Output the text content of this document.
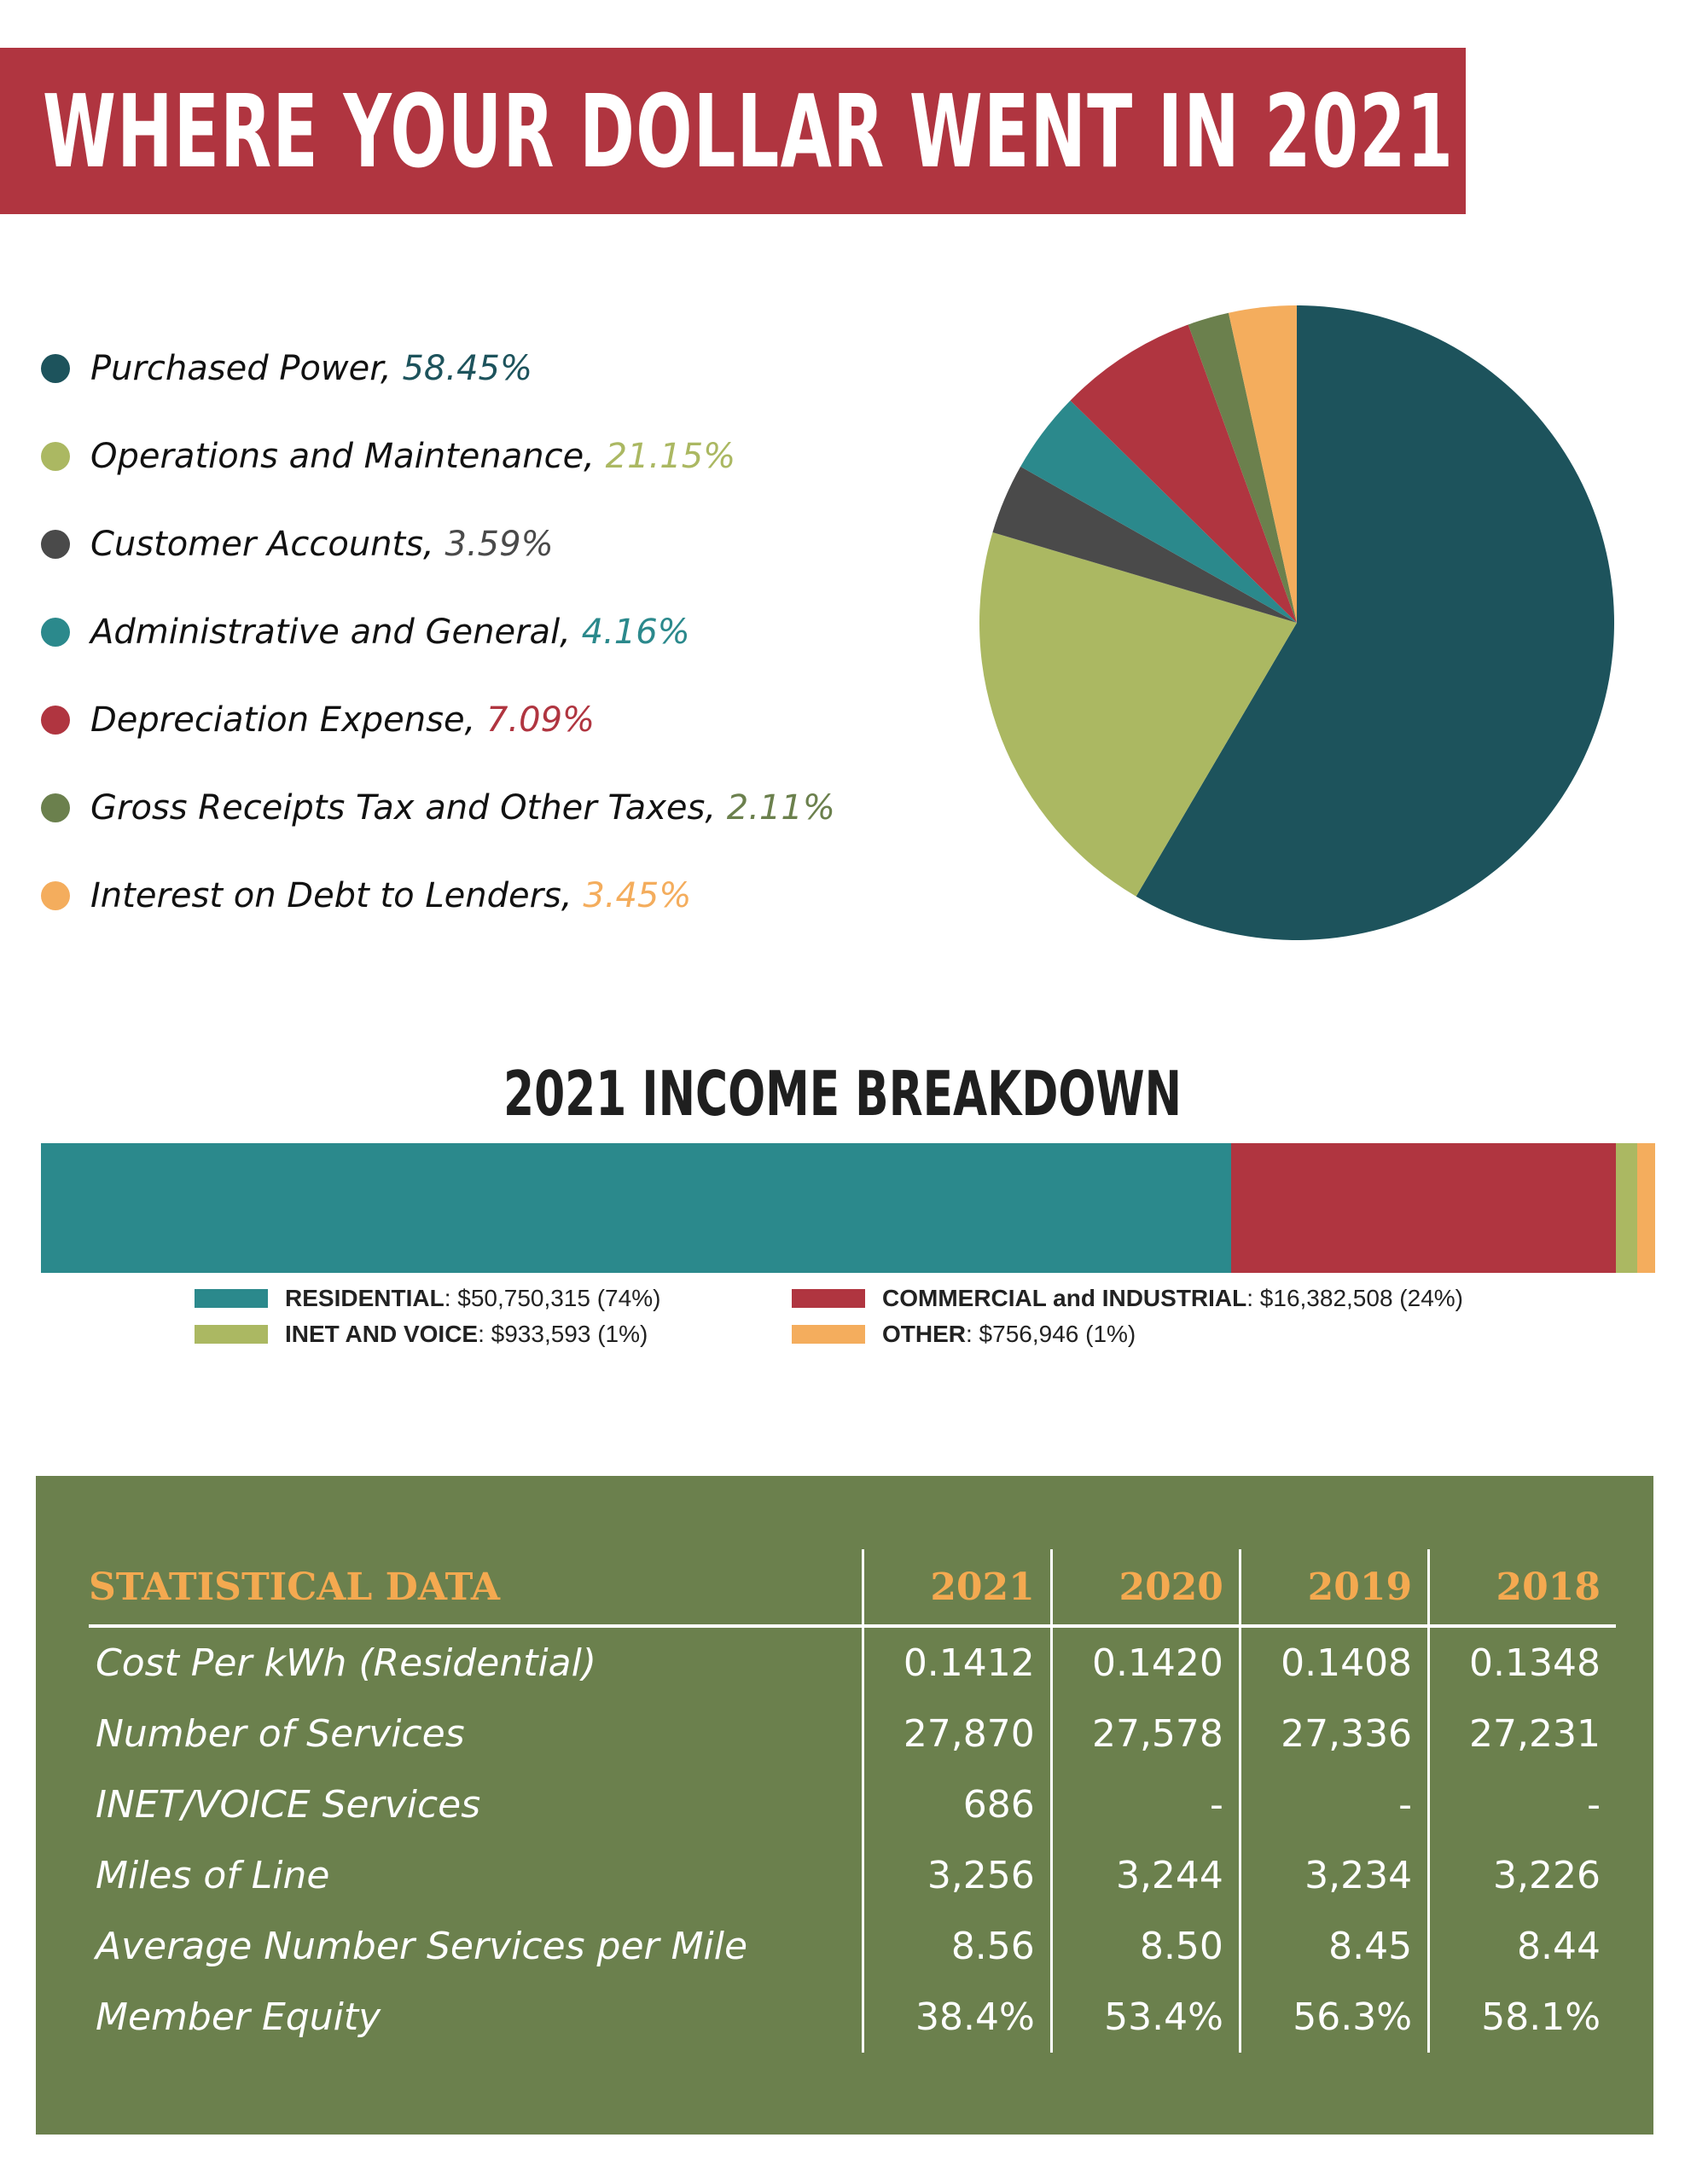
WHERE YOUR DOLLAR WENT IN 2021
Purchased Power, 58.45%
Operations and Maintenance, 21.15%
Customer Accounts, 3.59%
Administrative and General, 4.16%
Depreciation Expense, 7.09%
Gross Receipts Tax and Other Taxes, 2.11%
Interest on Debt to Lenders, 3.45%
2021 INCOME BREAKDOWN
RESIDENTIAL : $50,750,315 (74%)	COMMERCIAL and INDUSTRIAL : $16,382,508 (24%)
INET AND VOICE : $933,593 (1%)	OTHER : $756,946 (1%)
STATISTICAL DATA	2021	2020	2019	2018
Cost Per kWh (Residential)	0.1412	0.1420	0.1408	0.1348
Number of Services	27,870	27,578	27,336	27,231
INET/VOICE Services	686	-	-	-
Miles of Line	3,256	3,244	3,234	3,226
Average Number Services per Mile	8.56	8.50	8.45	8.44
Member Equity	38.4%	53.4%	56.3%	58.1%
